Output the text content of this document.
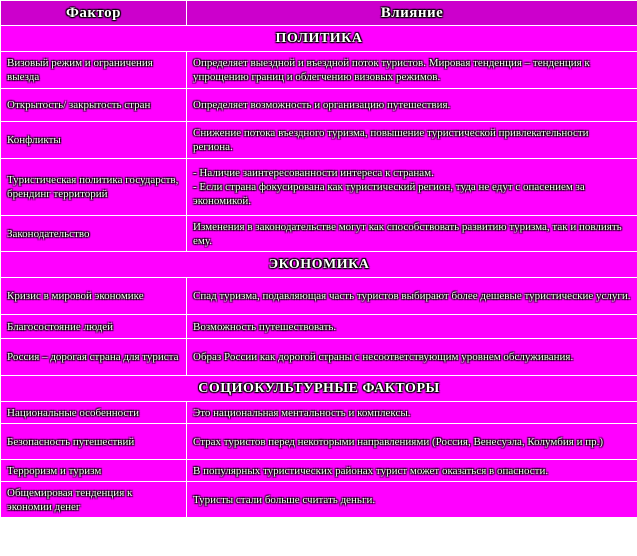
Фактор	Влияние
ПОЛИТИКА	
Визовый режим и ограничения выезда	Определяет выездной и въездной поток туристов. Мировая тенденция – тенденция к упрощению границ и облегчению визовых режимов.
Открытость/ закрытость стран	Определяет возможность и организацию путешествия.
Конфликты	Снижение потока въездного туризма, повышение туристической привлекательности региона.
Туристическая политика государств, брендинг территорий	- Наличие заинтересованности интереса к странам.
- Если страна фокусирована как туристический регион, туда не едут с опасением за экономикой.
Законодательство	Изменения в законодательстве могут как способствовать развитию туризма, так и повлиять ему.
ЭКОНОМИКА	
Кризис в мировой экономике	Спад туризма, подавляющая часть туристов выбирают более дешевые туристические услуги.
Благосостояние людей	Возможность путешествовать.
Россия – дорогая страна для туриста	Образ России как дорогой страны с несоответствующим уровнем обслуживания.
СОЦИОКУЛЬТУРНЫЕ ФАКТОРЫ	
Национальные особенности	Это национальная ментальность и комплексы.
Безопасность путешествий	Страх туристов перед некоторыми направлениями (Россия, Венесуэла, Колумбия и пр.)
Терроризм и туризм	В популярных туристических районах турист может оказаться в опасности.
Общемировая тенденция к экономии денег	Туристы стали больше считать деньги.
